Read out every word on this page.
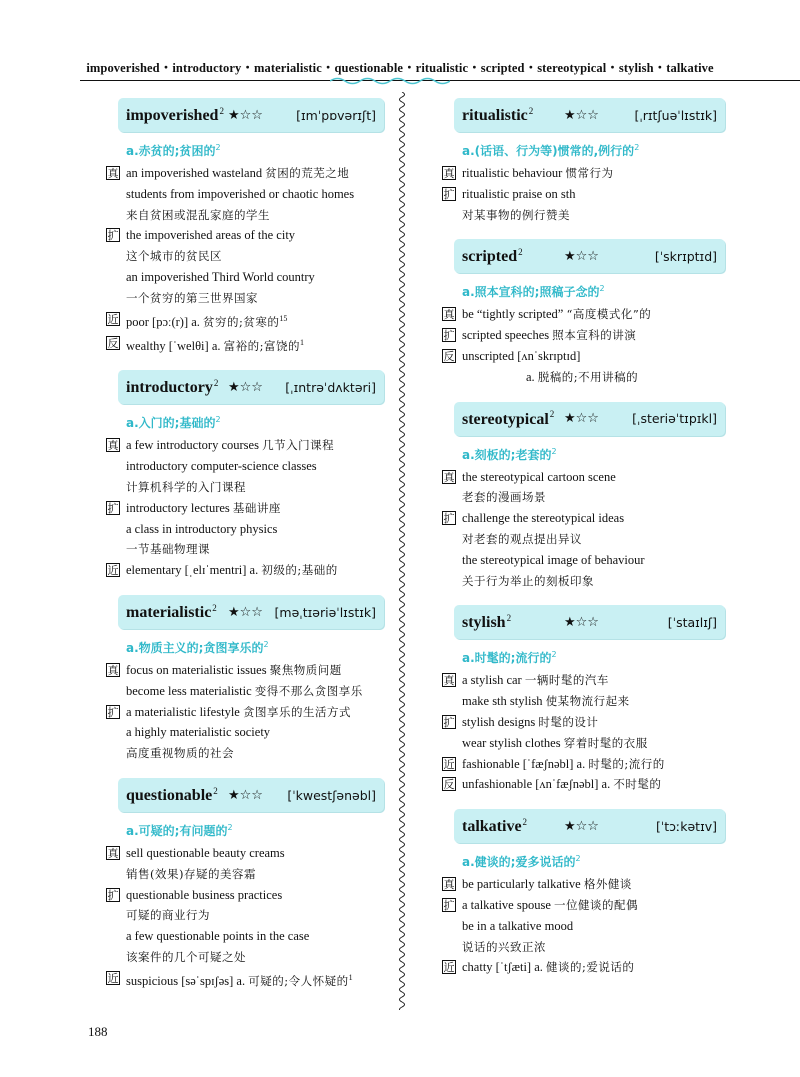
impoverished・introductory・materialistic・questionable・ritualistic・scripted・stereotypical・stylish・talkative
impoverished$^2$ ★☆☆	[ɪmˈpɒvərɪʃt]
a.赤贫的;贫困的$^2$
真 an impoverished wasteland 贫困的荒芜之地
students from impoverished or chaotic homes
来自贫困或混乱家庭的学生
扩 the impoverished areas of the city
这个城市的贫民区
an impoverished Third World country
一个贫穷的第三世界国家
近 poor [pɔː(r)] a. 贫穷的;贫寒的$^{15}$
反 wealthy [ˈwelθi] a. 富裕的;富饶的$^1$
introductory$^2$ ★☆☆ [ˌɪntrəˈdʌktəri]
a.入门的;基础的$^2$
真 a few introductory courses 几节入门课程
introductory computer-science classes
计算机科学的入门课程
扩 introductory lectures 基础讲座
a class in introductory physics
一节基础物理课
近 elementary [ˌelɪˈmentri] a. 初级的;基础的
materialistic$^2$ ★☆☆ [məˌtɪəriəˈlɪstɪk]
a.物质主义的;贪图享乐的$^2$
真 focus on materialistic issues 聚焦物质问题
become less materialistic 变得不那么贪图享乐
扩 a materialistic lifestyle 贪图享乐的生活方式
a highly materialistic society
高度重视物质的社会
questionable$^2$ ★☆☆ [ˈkwestʃənəbl]
a.可疑的;有问题的$^2$
真 sell questionable beauty creams
销售(效果)存疑的美容霜
扩 questionable business practices
可疑的商业行为
a few questionable points in the case
该案件的几个可疑之处
近 suspicious [səˈspɪʃəs] a. 可疑的;令人怀疑的$^1$
ritualistic$^2$ ★☆☆	[ˌrɪtʃuəˈlɪstɪk]
a.(话语、行为等)惯常的,例行的$^2$
真 ritualistic behaviour 惯常行为
扩 ritualistic praise on sth
对某事物的例行赞美
scripted$^2$	★☆☆	[ˈskrɪptɪd]
a.照本宣科的;照稿子念的$^2$
真 be “tightly scripted” “高度模式化”的
扩 scripted speeches 照本宣科的讲演
反 unscripted [ʌnˈskrɪptɪd]
a. 脱稿的;不用讲稿的
stereotypical$^2$ ★☆☆	[ˌsteriəˈtɪpɪkl]
a.刻板的;老套的$^2$
真 the stereotypical cartoon scene
老套的漫画场景
扩 challenge the stereotypical ideas
对老套的观点提出异议
the stereotypical image of behaviour
关于行为举止的刻板印象
stylish$^2$	★☆☆	[ˈstaɪlɪʃ]
a.时髦的;流行的$^2$
真 a stylish car 一辆时髦的汽车
make sth stylish 使某物流行起来
扩 stylish designs 时髦的设计
wear stylish clothes 穿着时髦的衣服
近 fashionable [ˈfæʃnəbl] a. 时髦的;流行的
反 unfashionable [ʌnˈfæʃnəbl] a. 不时髦的
talkative$^2$	★☆☆	[ˈtɔːkətɪv]
a.健谈的;爱多说话的$^2$
真 be particularly talkative 格外健谈
扩 a talkative spouse 一位健谈的配偶
be in a talkative mood
说话的兴致正浓
近 chatty [ˈtʃæti] a. 健谈的;爱说话的
188
